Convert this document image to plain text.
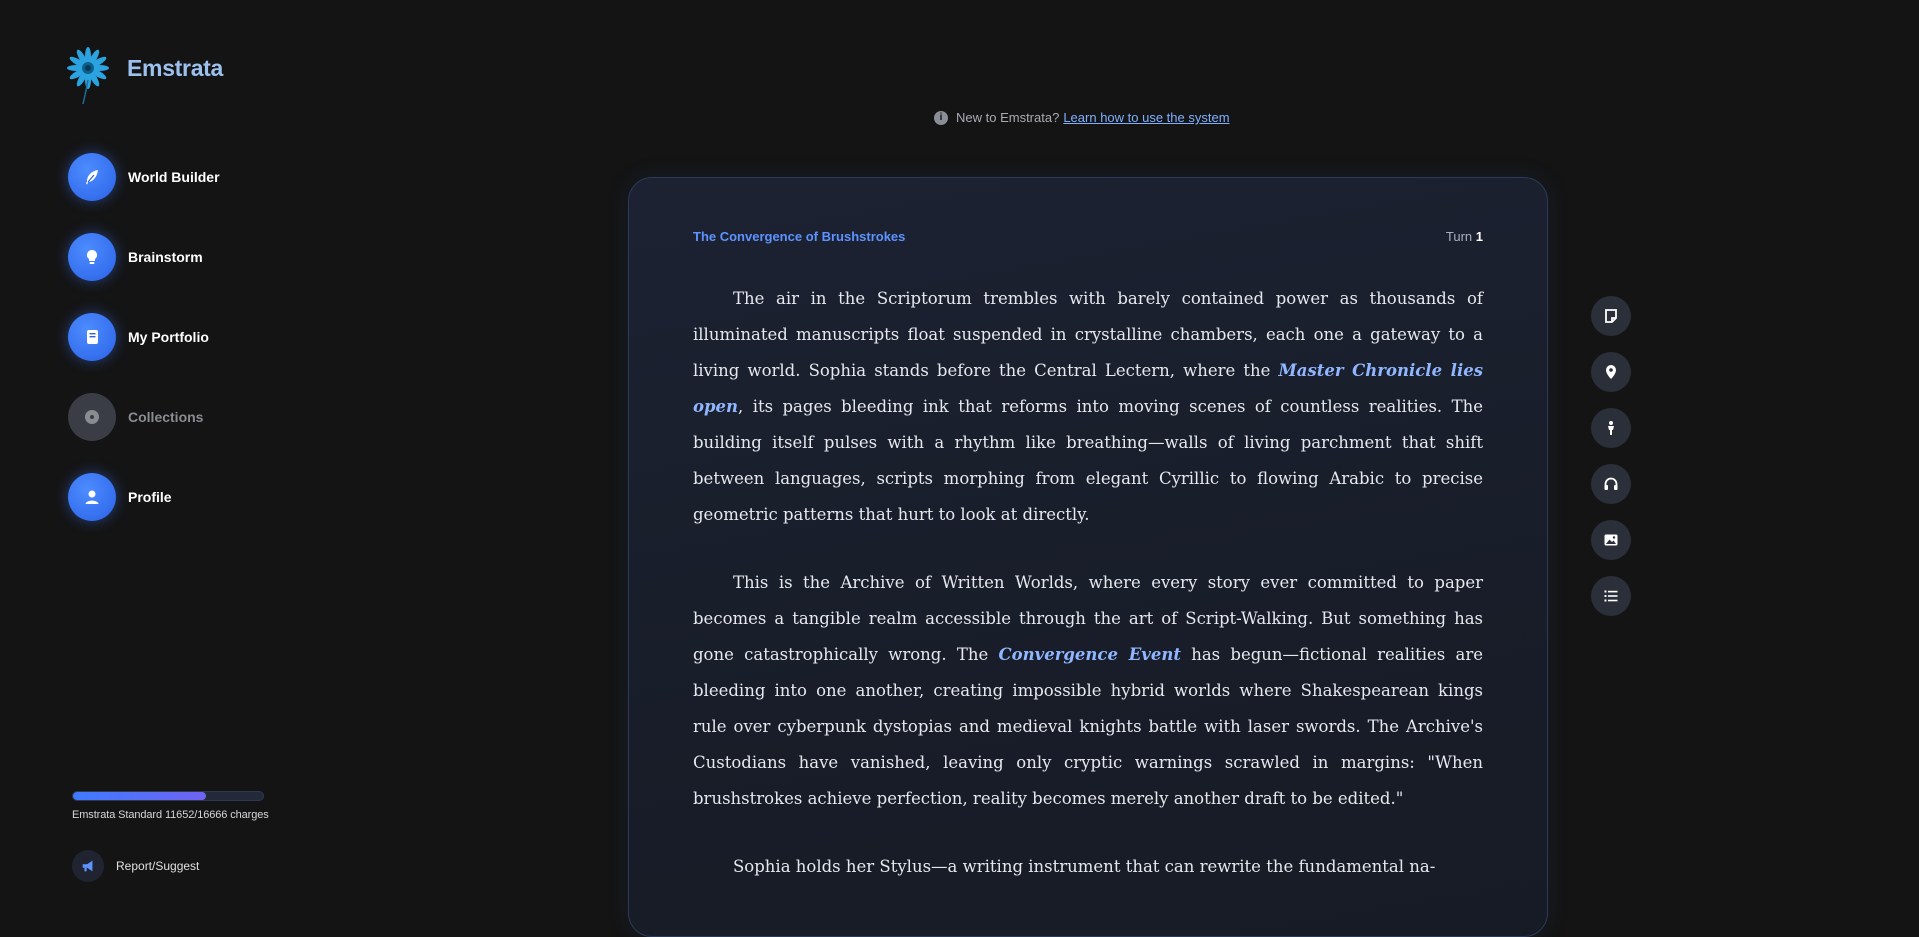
Emstrata
World Builder
Brainstorm
My Portfolio
Collections
Profile
Emstrata Standard 11652/16666 charges
Report/Suggest
i	New to Emstrata? Learn how to use the system
The Convergence of Brushstrokes	Turn 1

The air in the Scriptorum trembles with barely contained power as thousands of illuminated manuscripts float suspended in crystalline chambers, each one a gateway to a living world. Sophia stands before the Central Lectern, where the Master Chronicle lies open, its pages bleeding ink that reforms into moving scenes of countless realities. The building itself pulses with a rhythm like breathing—walls of living parchment that shift between languages, scripts morphing from elegant Cyrillic to flowing Arabic to precise geometric patterns that hurt to look at directly.

This is the Archive of Written Worlds, where every story ever committed to paper becomes a tangible realm accessible through the art of Script-Walking. But something has gone catastrophically wrong. The Convergence Event has begun—fictional realities are bleeding into one another, creating impossible hybrid worlds where Shakespearean kings rule over cyberpunk dystopias and medieval knights battle with laser swords. The Archive's Custodians have vanished, leaving only cryptic warnings scrawled in margins: "When brushstrokes achieve perfection, reality becomes merely another draft to be edited."

Sophia holds her Stylus—a writing instrument that can rewrite the fundamental na-
